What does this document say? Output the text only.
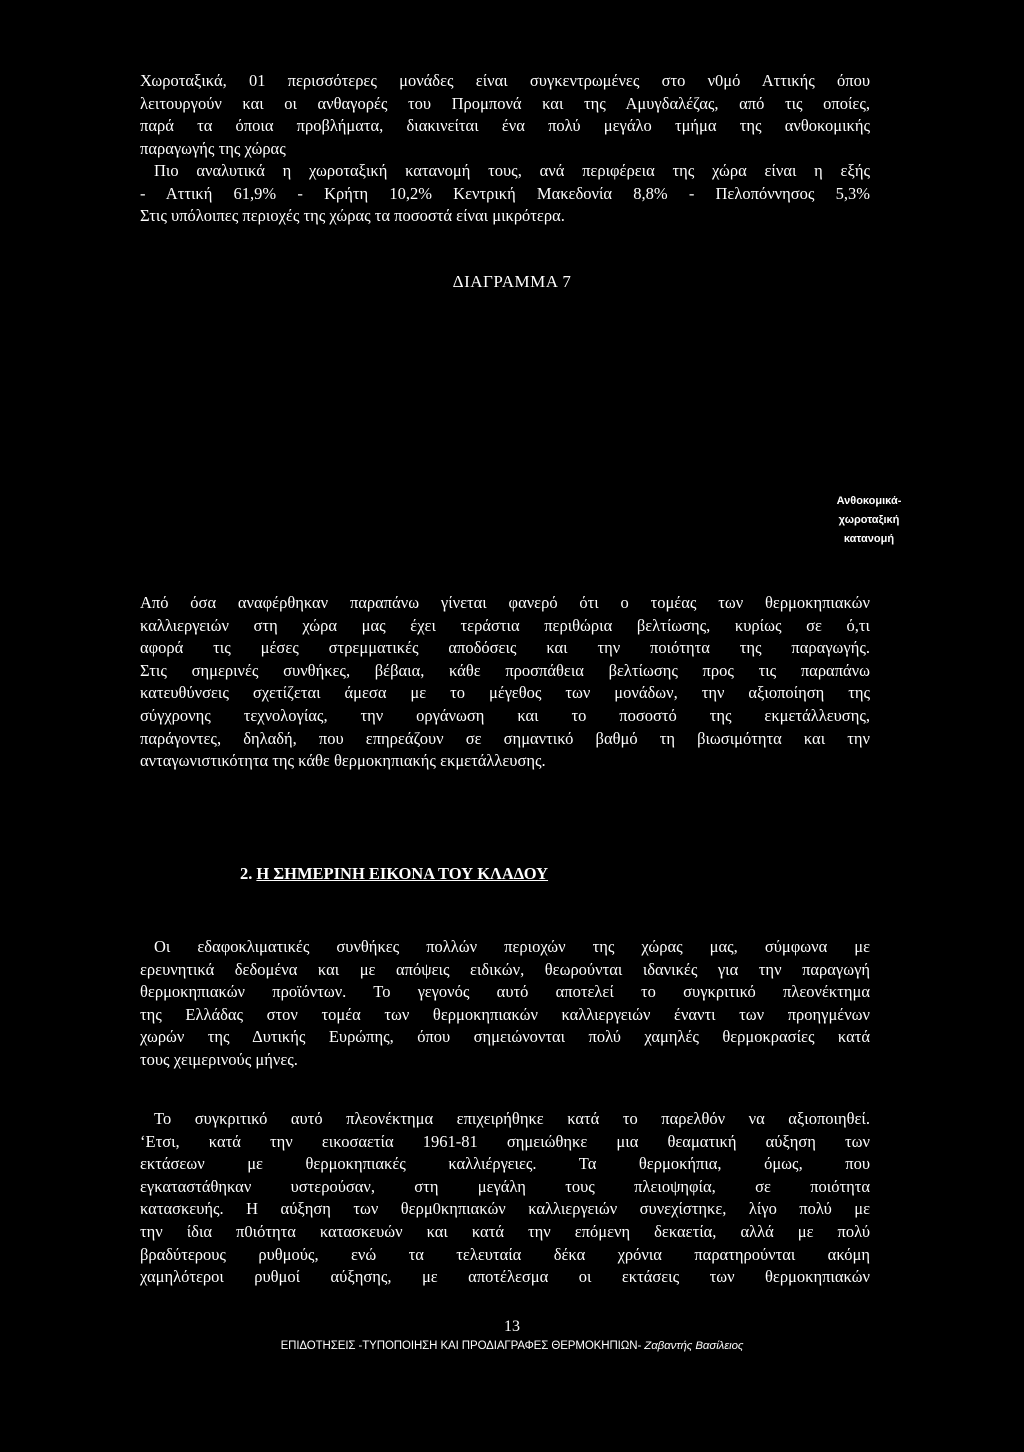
Χωροταξικά, 01 περισσότερες μονάδες είναι συγκεντρωμένες στο ν0μό Αττικής όπου
λειτουργούν και οι ανθαγορές του Προμπονά και της Αμυγδαλέζας, από τις οποίες,
παρά τα όποια προβλήματα, διακινείται ένα πολύ μεγάλο τμήμα της ανθοκομικής
παραγωγής της χώρας
Πιο αναλυτικά η χωροταξική κατανομή τους, ανά περιφέρεια της χώρα είναι η εξής
- Αττική 61,9% - Κρήτη 10,2% Κεντρική Μακεδονία 8,8% - Πελοπόννησος 5,3%
Στις υπόλοιπες περιοχές της χώρας τα ποσοστά είναι μικρότερα.
ΔΙΑΓΡΑΜΜΑ 7
Ανθοκομικά-
χωροταξική
κατανομή
Από όσα αναφέρθηκαν παραπάνω γίνεται φανερό ότι ο τομέας των θερμοκηπιακών
καλλιεργειών στη χώρα μας έχει τεράστια περιθώρια βελτίωσης, κυρίως σε ό,τι
αφορά τις μέσες στρεμματικές αποδόσεις και την ποιότητα της παραγωγής.
Στις σημερινές συνθήκες, βέβαια, κάθε προσπάθεια βελτίωσης προς τις παραπάνω
κατευθύνσεις σχετίζεται άμεσα με το μέγεθος των μονάδων, την αξιοποίηση της
σύγχρονης τεχνολογίας, την οργάνωση και το ποσοστό της εκμετάλλευσης,
παράγοντες, δηλαδή, που επηρεάζουν σε σημαντικό βαθμό τη βιωσιμότητα και την
ανταγωνιστικότητα της κάθε θερμοκηπιακής εκμετάλλευσης.
2. Η ΣΗΜΕΡΙΝΗ ΕΙΚΟΝΑ ΤΟΥ ΚΛΑΔΟΥ
Οι εδαφοκλιματικές συνθήκες πολλών περιοχών της χώρας μας, σύμφωνα με
ερευνητικά δεδομένα και με απόψεις ειδικών, θεωρούνται ιδανικές για την παραγωγή
θερμοκηπιακών προϊόντων. Το γεγονός αυτό αποτελεί το συγκριτικό πλεονέκτημα
της Ελλάδας στον τομέα των θερμοκηπιακών καλλιεργειών έναντι των προηγμένων
χωρών της Δυτικής Ευρώπης, όπου σημειώνονται πολύ χαμηλές θερμοκρασίες κατά
τους χειμερινούς μήνες.
Το συγκριτικό αυτό πλεονέκτημα επιχειρήθηκε κατά το παρελθόν να αξιοποιηθεί.
‘Ετσι, κατά την εικοσαετία 1961-81 σημειώθηκε μια θεαματική αύξηση των
εκτάσεων με θερμοκηπιακές καλλιέργειες. Τα θερμοκήπια, όμως, που
εγκαταστάθηκαν υστερούσαν, στη μεγάλη τους πλειοψηφία, σε ποιότητα
κατασκευής. Η αύξηση των θερμ0κηπιακών καλλιεργειών συνεχίστηκε, λίγο πολύ με
την ίδια π0ιότητα κατασκευών και κατά την επόμενη δεκαετία, αλλά με πολύ
βραδύτερους ρυθμούς, ενώ τα τελευταία δέκα χρόνια παρατηρούνται ακόμη
χαμηλότεροι ρυθμοί αύξησης, με αποτέλεσμα οι εκτάσεις των θερμοκηπιακών
13
ΕΠΙΔΟΤΗΣΕΙΣ -ΤΥΠΟΠΟΙΗΣΗ ΚΑΙ ΠΡΟΔΙΑΓΡΑΦΕΣ ΘΕΡΜΟΚΗΠΙΩΝ- Ζαβαντής Βασίλειος
